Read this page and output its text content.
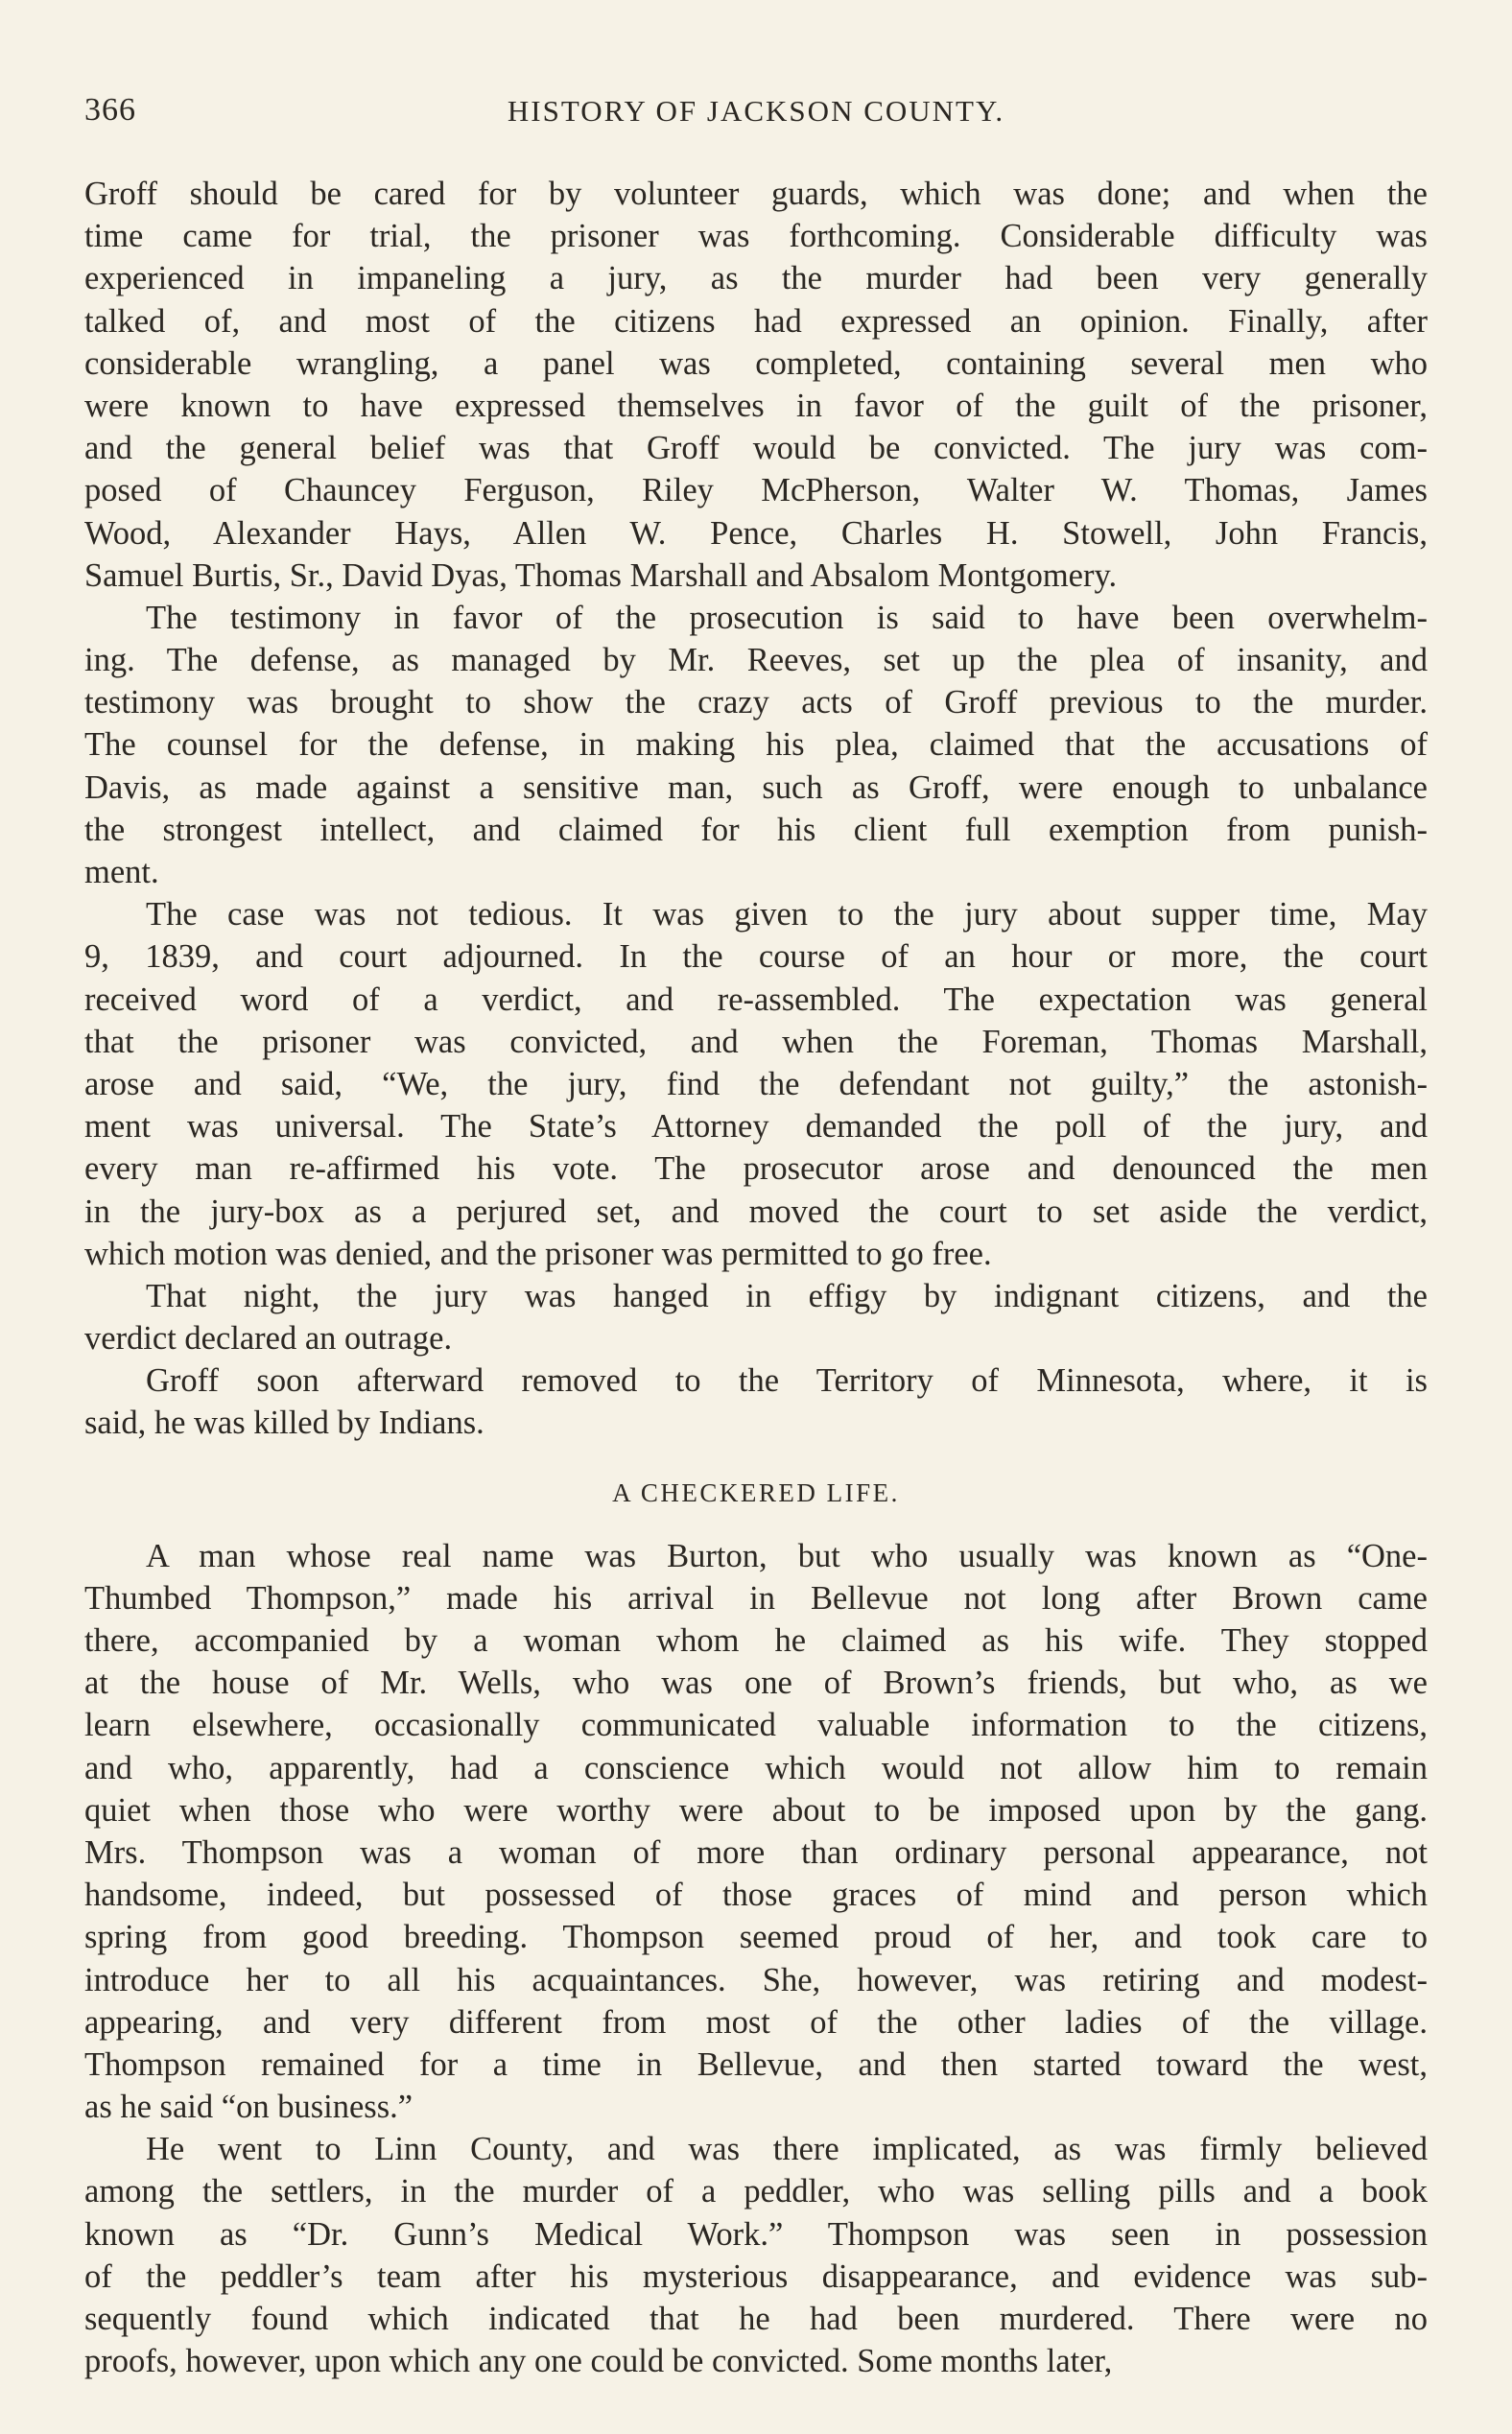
366	HISTORY OF JACKSON COUNTY.
Groff should be cared for by volunteer guards, which was done; and when the
time came for trial, the prisoner was forthcoming. Considerable difficulty was
experienced in impaneling a jury, as the murder had been very generally
talked of, and most of the citizens had expressed an opinion. Finally, after
considerable wrangling, a panel was completed, containing several men who
were known to have expressed themselves in favor of the guilt of the prisoner,
and the general belief was that Groff would be convicted. The jury was com-
posed of Chauncey Ferguson, Riley McPherson, Walter W. Thomas, James
Wood, Alexander Hays, Allen W. Pence, Charles H. Stowell, John Francis,
Samuel Burtis, Sr., David Dyas, Thomas Marshall and Absalom Montgomery.
The testimony in favor of the prosecution is said to have been overwhelm-
ing. The defense, as managed by Mr. Reeves, set up the plea of insanity, and
testimony was brought to show the crazy acts of Groff previous to the murder.
The counsel for the defense, in making his plea, claimed that the accusations of
Davis, as made against a sensitive man, such as Groff, were enough to unbalance
the strongest intellect, and claimed for his client full exemption from punish-
ment.
The case was not tedious. It was given to the jury about supper time, May
9, 1839, and court adjourned. In the course of an hour or more, the court
received word of a verdict, and re-assembled. The expectation was general
that the prisoner was convicted, and when the Foreman, Thomas Marshall,
arose and said, “We, the jury, find the defendant not guilty,” the astonish-
ment was universal. The State’s Attorney demanded the poll of the jury, and
every man re-affirmed his vote. The prosecutor arose and denounced the men
in the jury-box as a perjured set, and moved the court to set aside the verdict,
which motion was denied, and the prisoner was permitted to go free.
That night, the jury was hanged in effigy by indignant citizens, and the
verdict declared an outrage.
Groff soon afterward removed to the Territory of Minnesota, where, it is
said, he was killed by Indians.
A CHECKERED LIFE.
A man whose real name was Burton, but who usually was known as “One-
Thumbed Thompson,” made his arrival in Bellevue not long after Brown came
there, accompanied by a woman whom he claimed as his wife. They stopped
at the house of Mr. Wells, who was one of Brown’s friends, but who, as we
learn elsewhere, occasionally communicated valuable information to the citizens,
and who, apparently, had a conscience which would not allow him to remain
quiet when those who were worthy were about to be imposed upon by the gang.
Mrs. Thompson was a woman of more than ordinary personal appearance, not
handsome, indeed, but possessed of those graces of mind and person which
spring from good breeding. Thompson seemed proud of her, and took care to
introduce her to all his acquaintances. She, however, was retiring and modest-
appearing, and very different from most of the other ladies of the village.
Thompson remained for a time in Bellevue, and then started toward the west,
as he said “on business.”
He went to Linn County, and was there implicated, as was firmly believed
among the settlers, in the murder of a peddler, who was selling pills and a book
known as “Dr. Gunn’s Medical Work.” Thompson was seen in possession
of the peddler’s team after his mysterious disappearance, and evidence was sub-
sequently found which indicated that he had been murdered. There were no
proofs, however, upon which any one could be convicted. Some months later,
